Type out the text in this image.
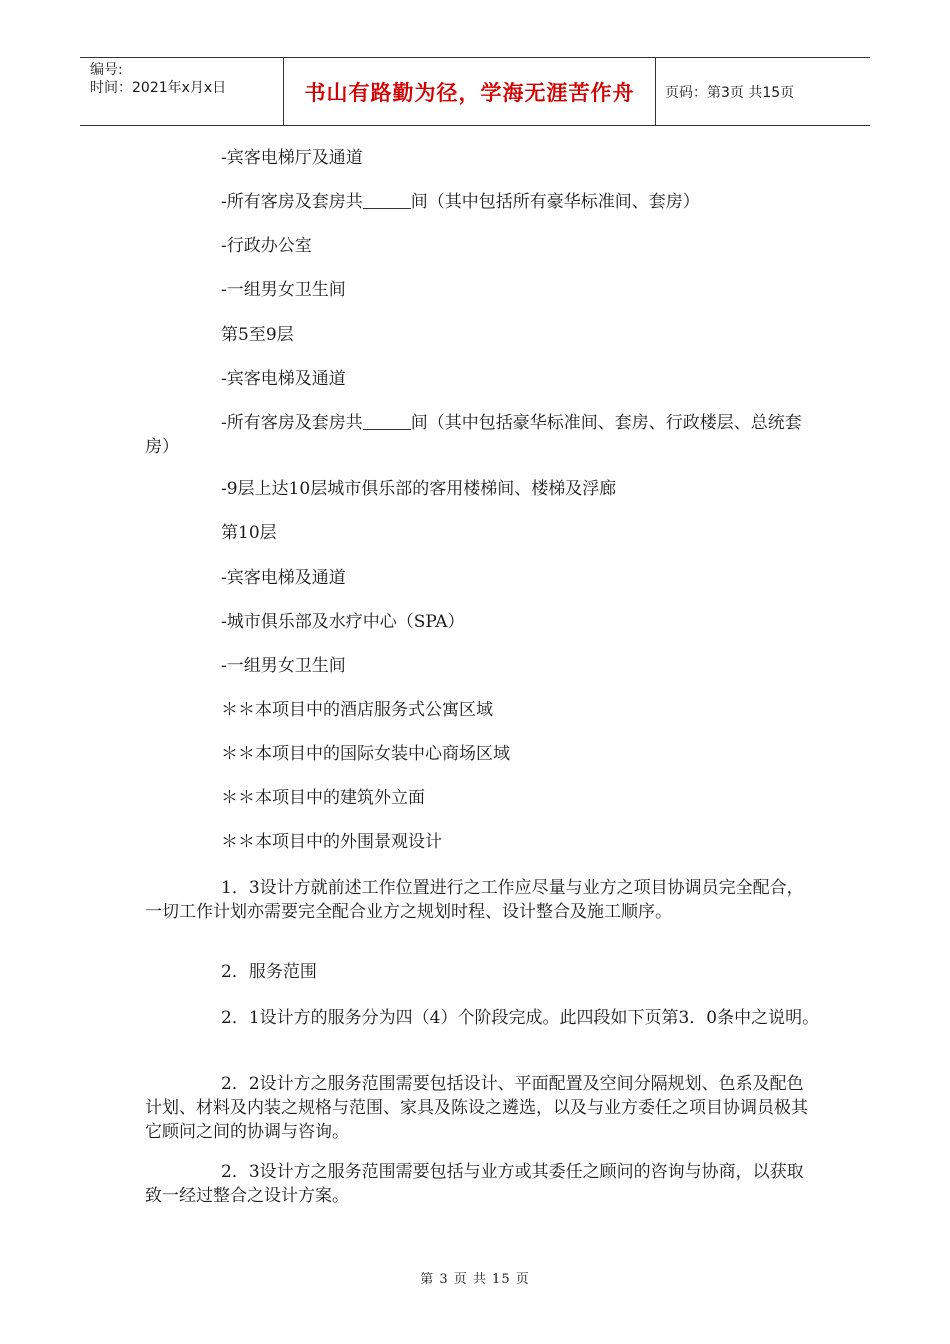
编号:
时间：2021年x月x日	书山有路勤为径，学海无涯苦作舟	页码：第3页 共15页
-宾客电梯厅及通道
-所有客房及套房共	间（其中包括所有豪华标准间、套房）
-行政办公室
-一组男女卫生间
第5至9层
-宾客电梯及通道
-所有客房及套房共	间（其中包括豪华标准间、套房、行政楼层、总统套房）
-9层上达10层城市俱乐部的客用楼梯间、楼梯及浮廊
第10层
-宾客电梯及通道
-城市俱乐部及水疗中心（SPA）
-一组男女卫生间
＊＊本项目中的酒店服务式公寓区域
＊＊本项目中的国际女装中心商场区域
＊＊本项目中的建筑外立面
＊＊本项目中的外围景观设计
1．3设计方就前述工作位置进行之工作应尽量与业方之项目协调员完全配合，一切工作计划亦需要完全配合业方之规划时程、设计整合及施工顺序。
2．服务范围
2．1设计方的服务分为四（4）个阶段完成。此四段如下页第3．0条中之说明。
2．2设计方之服务范围需要包括设计、平面配置及空间分隔规划、色系及配色计划、材料及内装之规格与范围、家具及陈设之遴选，以及与业方委任之项目协调员极其它顾问之间的协调与咨询。
2．3设计方之服务范围需要包括与业方或其委任之顾问的咨询与协商，以获取致一经过整合之设计方案。
第 3 页 共 15 页
